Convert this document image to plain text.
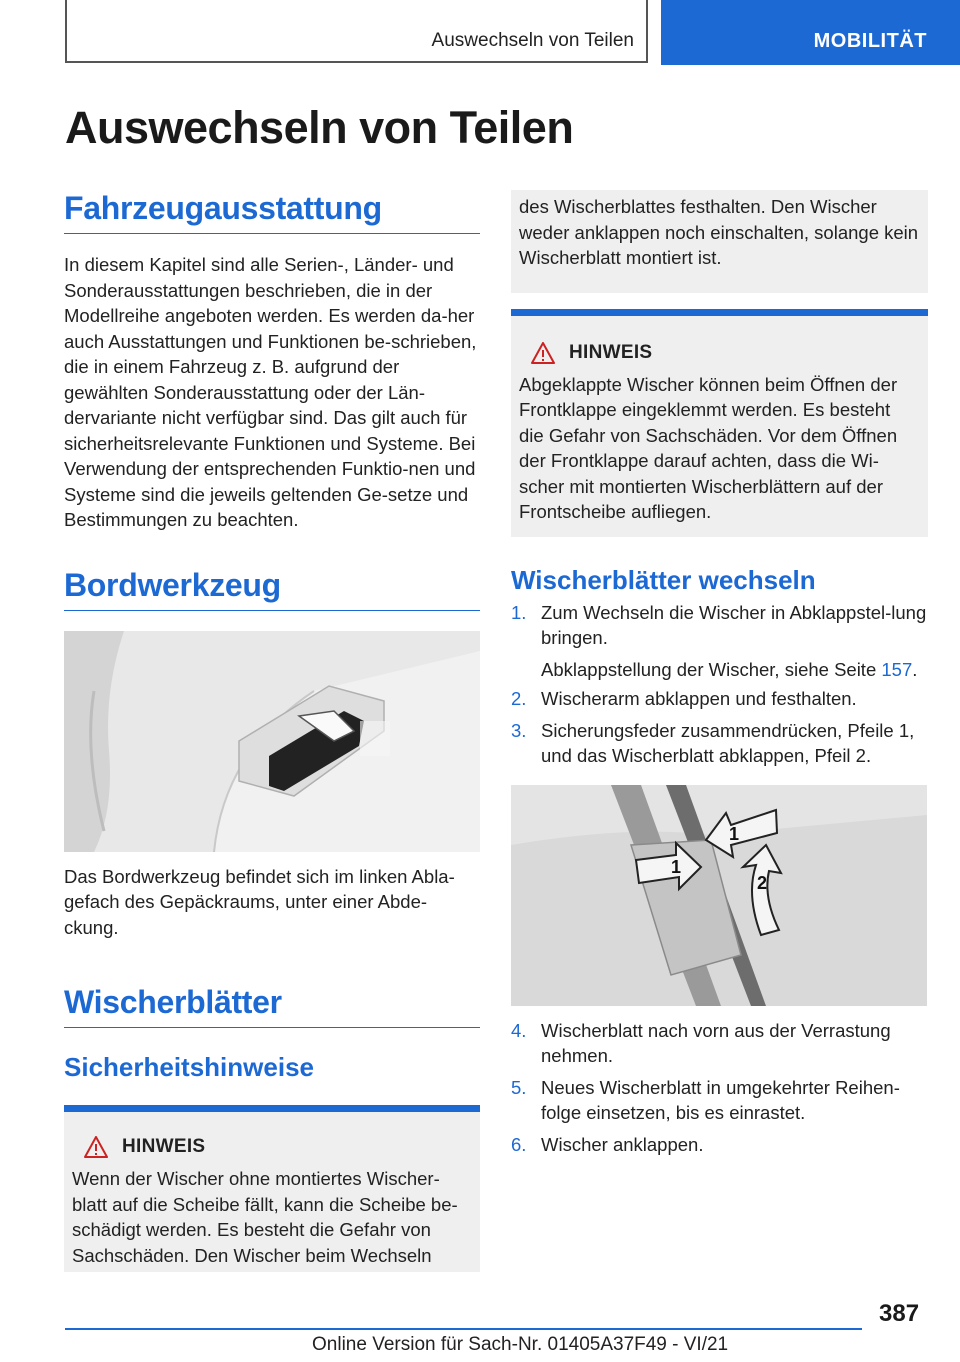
Auswechseln von Teilen	MOBILITÄT
Auswechseln von Teilen
Fahrzeugausstattung

In diesem Kapitel sind alle Serien-, Länder- und Sonderausstattungen beschrieben, die in der Modellreihe angeboten werden. Es werden da-her auch Ausstattungen und Funktionen be-schrieben, die in einem Fahrzeug z. B. aufgrund der gewählten Sonderausstattung oder der Län-dervariante nicht verfügbar sind. Das gilt auch für sicherheitsrelevante Funktionen und Systeme. Bei Verwendung der entsprechenden Funktio-nen und Systeme sind die jeweils geltenden Ge-setze und Bestimmungen zu beachten.

Bordwerkzeug

Das Bordwerkzeug befindet sich im linken Abla-gefach des Gepäckraums, unter einer Abde-ckung.

Wischerblätter
Sicherheitshinweise
HINWEIS

Wenn der Wischer ohne montiertes Wischer-blatt auf die Scheibe fällt, kann die Scheibe be-schädigt werden. Es besteht die Gefahr von Sachschäden. Den Wischer beim Wechseln

des Wischerblattes festhalten. Den Wischer weder anklappen noch einschalten, solange kein Wischerblatt montiert ist.

HINWEIS

Abgeklappte Wischer können beim Öffnen der Frontklappe eingeklemmt werden. Es besteht die Gefahr von Sachschäden. Vor dem Öffnen der Frontklappe darauf achten, dass die Wi-scher mit montierten Wischerblättern auf der Frontscheibe aufliegen.

Wischerblätter wechseln
1. Zum Wechseln die Wischer in Abklappstel-lung bringen.

Abklappstellung der Wischer, siehe Seite 157.

2. Wischerarm abklappen und festhalten.
3. Sicherungsfeder zusammendrücken, Pfeile 1, und das Wischerblatt abklappen, Pfeil 2.
1
1
2
4. Wischerblatt nach vorn aus der Verrastung nehmen.
5. Neues Wischerblatt in umgekehrter Reihen-folge einsetzen, bis es einrastet.
6. Wischer anklappen.
387
Online Version für Sach-Nr. 01405A37F49 - VI/21
